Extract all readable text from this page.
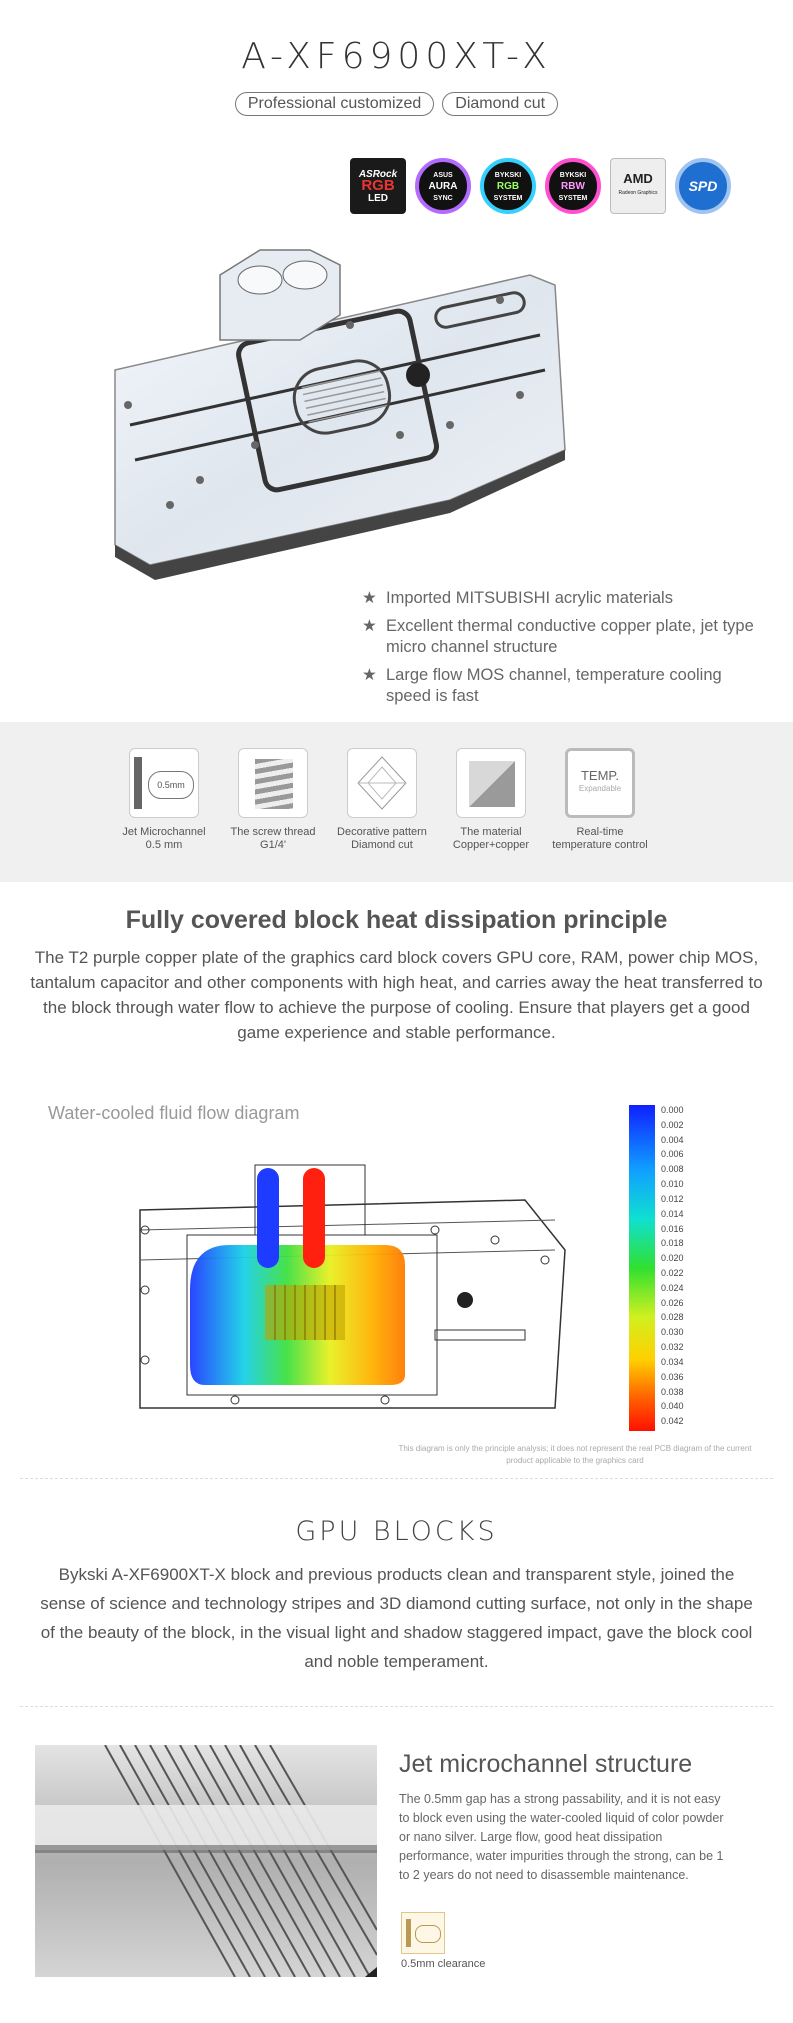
A-XF6900XT-X
Professional customized	Diamond cut
ASRock
RGB
LED
ASUS
AURA
SYNC
BYKSKI
RGB
SYSTEM
BYKSKI
RBW
SYSTEM
AMD
Radeon Graphics SPD
★ Imported MITSUBISHI acrylic materials
★ Excellent thermal conductive copper plate, jet type micro channel structure
★ Large flow MOS channel, temperature cooling speed is fast
0.5mm
Jet Microchannel
0.5 mm
The screw thread
G1/4'
Decorative pattern
Diamond cut
The material
Copper+copper
TEMP.
Expandable
Real-time
temperature control
Fully covered block heat dissipation principle
The T2 purple copper plate of the graphics card block covers GPU core, RAM, power chip MOS, tantalum capacitor and other components with high heat, and carries away the heat transferred to the block through water flow to achieve the purpose of cooling. Ensure that players get a good game experience and stable performance.
Water-cooled fluid flow diagram	0.000
0.002
0.004
0.006
0.008
0.010
0.012
0.014
0.016
0.018
0.020
0.022
0.024
0.026
0.028
0.030
0.032
0.034
0.036
0.038
0.040
0.042
This diagram is only the principle analysis; it does not represent the real PCB diagram of the current product applicable to the graphics card
GPU BLOCKS
Bykski A-XF6900XT-X block and previous products clean and transparent style, joined the sense of science and technology stripes and 3D diamond cutting surface, not only in the shape of the beauty of the block, in the visual light and shadow staggered impact, gave the block cool and noble temperament.
Jet microchannel structure
The 0.5mm gap has a strong passability, and it is not easy to block even using the water-cooled liquid of color powder or nano silver. Large flow, good heat dissipation performance, water impurities through the strong, can be 1 to 2 years do not need to disassemble maintenance.
0.5mm clearance
